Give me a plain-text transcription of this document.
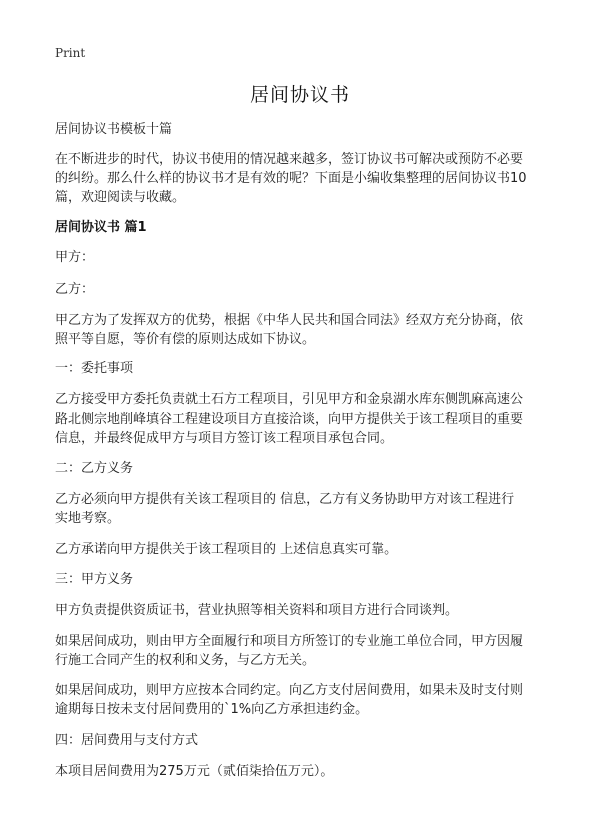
Print
居间协议书
居间协议书模板十篇
在不断进步的时代，协议书使用的情况越来越多，签订协议书可解决或预防不必要
的纠纷。那么什么样的协议书才是有效的呢？下面是小编收集整理的居间协议书10
篇，欢迎阅读与收藏。
居间协议书 篇1
甲方：
乙方：
甲乙方为了发挥双方的优势，根据《中华人民共和国合同法》经双方充分协商，依
照平等自愿，等价有偿的原则达成如下协议。
一：委托事项
乙方接受甲方委托负责就土石方工程项目，引见甲方和金泉湖水库东侧凯麻高速公
路北侧宗地削峰填谷工程建设项目方直接洽谈，向甲方提供关于该工程项目的重要
信息，并最终促成甲方与项目方签订该工程项目承包合同。
二：乙方义务
乙方必须向甲方提供有关该工程项目的 信息，乙方有义务协助甲方对该工程进行
实地考察。
乙方承诺向甲方提供关于该工程项目的 上述信息真实可靠。
三：甲方义务
甲方负责提供资质证书，营业执照等相关资料和项目方进行合同谈判。
如果居间成功，则由甲方全面履行和项目方所签订的专业施工单位合同，甲方因履
行施工合同产生的权利和义务，与乙方无关。
如果居间成功，则甲方应按本合同约定。向乙方支付居间费用，如果未及时支付则
逾期每日按未支付居间费用的`1%向乙方承担违约金。
四：居间费用与支付方式
本项目居间费用为275万元（贰佰柒拾伍万元）。
